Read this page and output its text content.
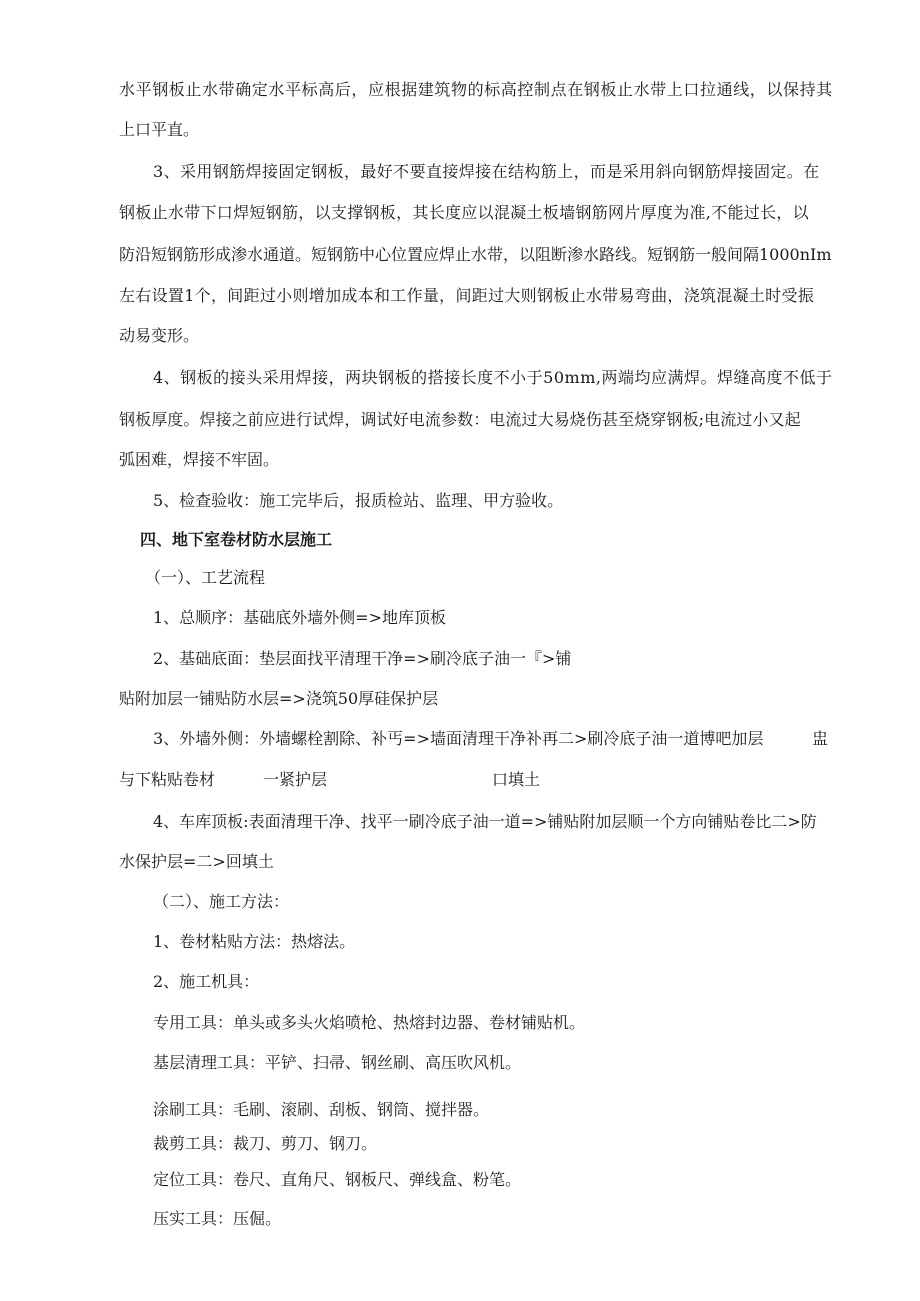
水平钢板止水带确定水平标高后，应根据建筑物的标高控制点在钢板止水带上口拉通线，以保持其
上口平直。
3、采用钢筋焊接固定钢板，最好不要直接焊接在结构筋上，而是采用斜向钢筋焊接固定。在
钢板止水带下口焊短钢筋，以支撑钢板，其长度应以混凝土板墙钢筋网片厚度为准,不能过长，以
防沿短钢筋形成渗水通道。短钢筋中心位置应焊止水带，以阻断渗水路线。短钢筋一般间隔1000nIm
左右设置1个，间距过小则增加成本和工作量，间距过大则钢板止水带易弯曲，浇筑混凝土时受振
动易变形。
4、钢板的接头采用焊接，两块钢板的搭接长度不小于50mm,两端均应满焊。焊缝高度不低于
钢板厚度。焊接之前应进行试焊，调试好电流参数：电流过大易烧伤甚至烧穿钢板;电流过小又起
弧困难，焊接不牢固。
5、检查验收：施工完毕后，报质检站、监理、甲方验收。
四、地下室卷材防水层施工
（一）、工艺流程
1、总顺序：基础底外墙外侧=>地库顶板
2、基础底面：垫层面找平清理干净=>刷冷底子油一『>铺
贴附加层一铺贴防水层=>浇筑50厚硅保护层
3、外墙外侧：外墙螺栓割除、补丐=>墙面清理干净补再二>刷冷底子油一道博吧加层	盅
与下粘贴卷材	一紧护层	口填土
4、车库顶板:表面清理干净、找平一刷冷底子油一道=>铺贴附加层顺一个方向铺贴卷比二>防
水保护层=二>回填土
（二）、施工方法：
1、卷材粘贴方法：热熔法。
2、施工机具：
专用工具：单头或多头火焰喷枪、热熔封边器、卷材铺贴机。
基层清理工具：平铲、扫帚、钢丝刷、高压吹风机。
涂刷工具：毛刷、滚刷、刮板、钢筒、搅拌器。
裁剪工具：裁刀、剪刀、钢刀。
定位工具：卷尺、直角尺、钢板尺、弹线盒、粉笔。
压实工具：压倔。
